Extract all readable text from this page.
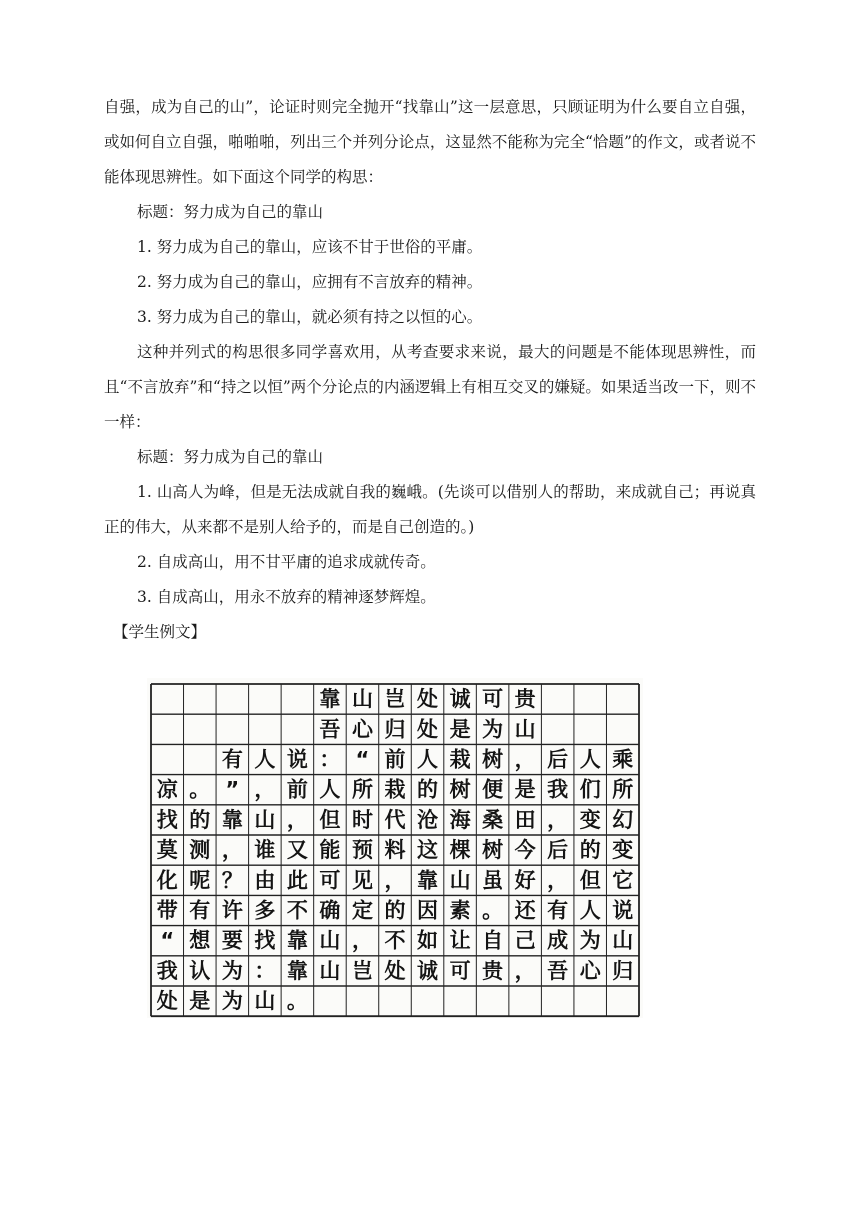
自强，成为自己的山”，论证时则完全抛开“找靠山”这一层意思，只顾证明为什么要自立自强，或如何自立自强，啪啪啪，列出三个并列分论点，这显然不能称为完全“恰题”的作文，或者说不能体现思辨性。如下面这个同学的构思：

标题：努力成为自己的靠山

1. 努力成为自己的靠山，应该不甘于世俗的平庸。

2. 努力成为自己的靠山，应拥有不言放弃的精神。

3. 努力成为自己的靠山，就必须有持之以恒的心。

这种并列式的构思很多同学喜欢用，从考查要求来说，最大的问题是不能体现思辨性，而且“不言放弃”和“持之以恒”两个分论点的内涵逻辑上有相互交叉的嫌疑。如果适当改一下，则不一样：

标题：努力成为自己的靠山

1. 山高人为峰，但是无法成就自我的巍峨。(先谈可以借别人的帮助，来成就自己；再说真正的伟大，从来都不是别人给予的，而是自己创造的。)

2. 自成高山，用不甘平庸的追求成就传奇。

3. 自成高山，用永不放弃的精神逐梦辉煌。

【学生例文】

靠 山 岂 处 诚 可 贵
吾 心 归 处 是 为 山
有 人 说 ： “ 前 人 栽 树 ， 后 人 乘
凉 。 ” ， 前 人 所 栽 的 树 便 是 我 们 所
找 的 靠 山 ， 但 时 代 沧 海 桑 田 ， 变 幻
莫 测 ， 谁 又 能 预 料 这 棵 树 今 后 的 变
化 呢 ？ 由 此 可 见 ， 靠 山 虽 好 ， 但 它
带 有 许 多 不 确 定 的 因 素 。 还 有 人 说
“ 想 要 找 靠 山 ， 不 如 让 自 己 成 为 山
我 认 为 ： 靠 山 岂 处 诚 可 贵 ， 吾 心 归
处 是 为 山 。
